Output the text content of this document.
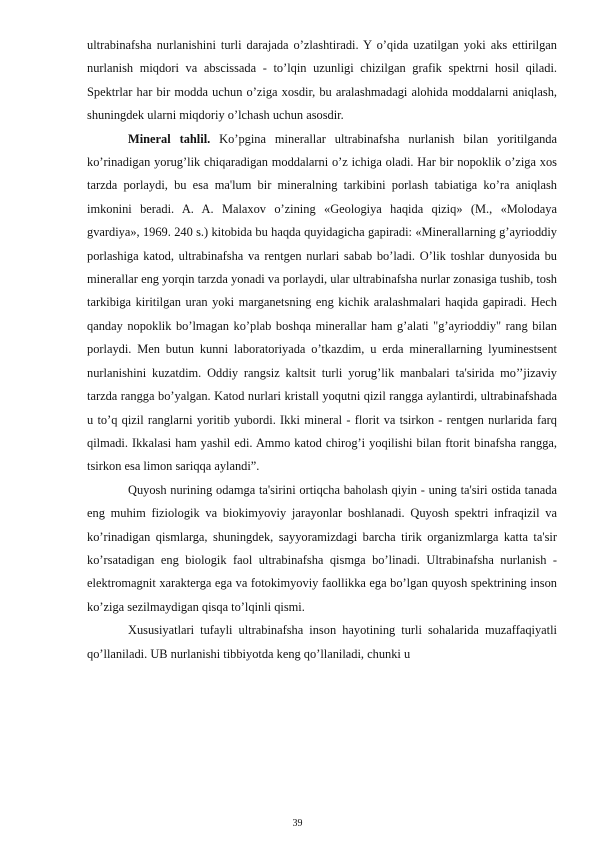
ultrabinafsha nurlanishini turli darajada o’zlashtiradi. Y o’qida uzatilgan yoki aks ettirilgan nurlanish miqdori va abscissada - to’lqin uzunligi chizilgan grafik spektrni hosil qiladi. Spektrlar har bir modda uchun o’ziga xosdir, bu aralashmadagi alohida moddalarni aniqlash, shuningdek ularni miqdoriy o’lchash uchun asosdir.

Mineral tahlil. Ko’pgina minerallar ultrabinafsha nurlanish bilan yoritilganda ko’rinadigan yorug’lik chiqaradigan moddalarni o’z ichiga oladi. Har bir nopoklik o’ziga xos tarzda porlaydi, bu esa ma'lum bir mineralning tarkibini porlash tabiatiga ko’ra aniqlash imkonini beradi. A. A. Malaxov o’zining «Geologiya haqida qiziq» (M., «Molodaya gvardiya», 1969. 240 s.) kitobida bu haqda quyidagicha gapiradi: «Minerallarning g’ayrioddiy porlashiga katod, ultrabinafsha va rentgen nurlari sabab bo’ladi. O’lik toshlar dunyosida bu minerallar eng yorqin tarzda yonadi va porlaydi, ular ultrabinafsha nurlar zonasiga tushib, tosh tarkibiga kiritilgan uran yoki marganetsning eng kichik aralashmalari haqida gapiradi. Hech qanday nopoklik bo’lmagan ko’plab boshqa minerallar ham g’alati "g’ayrioddiy" rang bilan porlaydi. Men butun kunni laboratoriyada o’tkazdim, u erda minerallarning lyuminestsent nurlanishini kuzatdim. Oddiy rangsiz kaltsit turli yorug’lik manbalari ta'sirida mo’’jizaviy tarzda rangga bo’yalgan. Katod nurlari kristall yoqutni qizil rangga aylantirdi, ultrabinafshada u to’q qizil ranglarni yoritib yubordi. Ikki mineral - florit va tsirkon - rentgen nurlarida farq qilmadi. Ikkalasi ham yashil edi. Ammo katod chirog’i yoqilishi bilan ftorit binafsha rangga, tsirkon esa limon sariqqa aylandi”.

Quyosh nurining odamga ta'sirini ortiqcha baholash qiyin - uning ta'siri ostida tanada eng muhim fiziologik va biokimyoviy jarayonlar boshlanadi. Quyosh spektri infraqizil va ko’rinadigan qismlarga, shuningdek, sayyoramizdagi barcha tirik organizmlarga katta ta'sir ko’rsatadigan eng biologik faol ultrabinafsha qismga bo’linadi. Ultrabinafsha nurlanish - elektromagnit xarakterga ega va fotokimyoviy faollikka ega bo’lgan quyosh spektrining inson ko’ziga sezilmaydigan qisqa to’lqinli qismi.

Xususiyatlari tufayli ultrabinafsha inson hayotining turli sohalarida muzaffaqiyatli qo’llaniladi. UB nurlanishi tibbiyotda keng qo’llaniladi, chunki u

39
